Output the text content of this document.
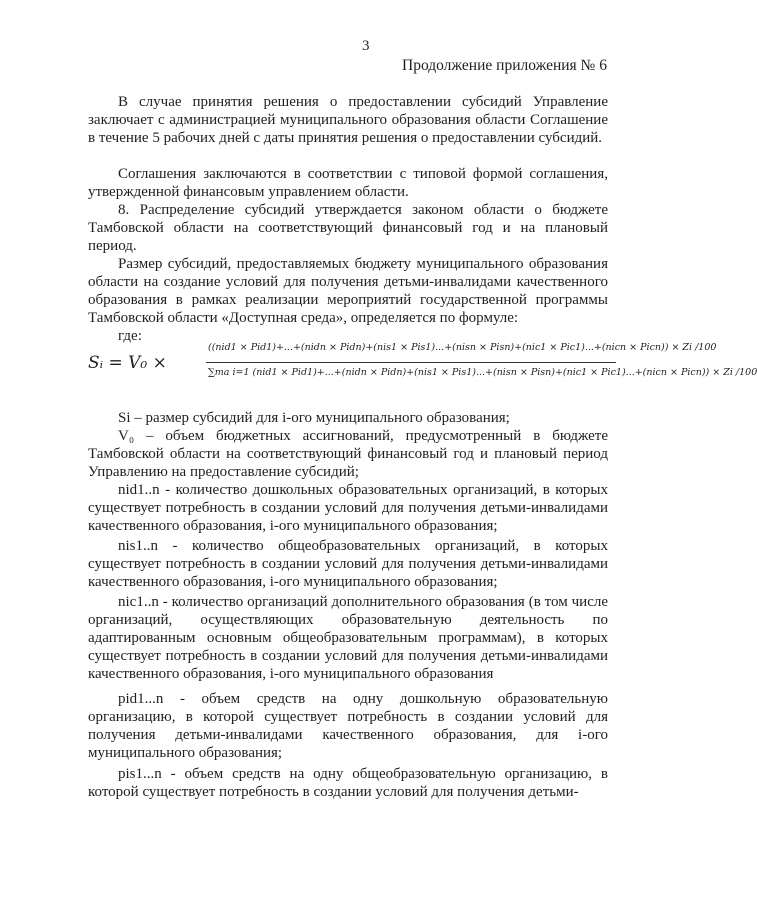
3
Продолжение приложения № 6

В случае принятия решения о предоставлении субсидий Управление заключает с администрацией муниципального образования области Соглашение в течение 5 рабочих дней с даты принятия решения о предоставлении субсидий.

Соглашения заключаются в соответствии с типовой формой соглашения, утвержденной финансовым управлением области.

8. Распределение субсидий утверждается законом области о бюджете Тамбовской области на соответствующий финансовый год и на плановый период.

Размер субсидий, предоставляемых бюджету муниципального образования области на создание условий для получения детьми-инвалидами качественного образования в рамках реализации мероприятий государственной программы Тамбовской области «Доступная среда», определяется по формуле:

где:

Sᵢ = V₀ ×
((nid1 × Pid1)+...+(nidn × Pidn)+(nis1 × Pis1)...+(nisn × Pisn)+(nic1 × Pic1)...+(nicn × Picn)) × Zi /100
∑ma i=1 (nid1 × Pid1)+...+(nidn × Pidn)+(nis1 × Pis1)...+(nisn × Pisn)+(nic1 × Pic1)...+(nicn × Picn)) × Zi /100

Si – размер субсидий для i-ого муниципального образования;

V₀ – объем бюджетных ассигнований, предусмотренный в бюджете Тамбовской области на соответствующий финансовый год и плановый период Управлению на предоставление субсидий;

nid1..n - количество дошкольных образовательных организаций, в которых существует потребность в создании условий для получения детьми-инвалидами качественного образования, i-ого муниципального образования;

nis1..n - количество общеобразовательных организаций, в которых существует потребность в создании условий для получения детьми-инвалидами качественного образования, i-ого муниципального образования;

nic1..n - количество организаций дополнительного образования (в том числе организаций, осуществляющих образовательную деятельность по адаптированным основным общеобразовательным программам), в которых существует потребность в создании условий для получения детьми-инвалидами качественного образования, i-ого муниципального образования

pid1...n - объем средств на одну дошкольную образовательную организацию, в которой существует потребность в создании условий для получения детьми-инвалидами качественного образования, для i-ого муниципального образования;

pis1...n - объем средств на одну общеобразовательную организацию, в которой существует потребность в создании условий для получения детьми-
